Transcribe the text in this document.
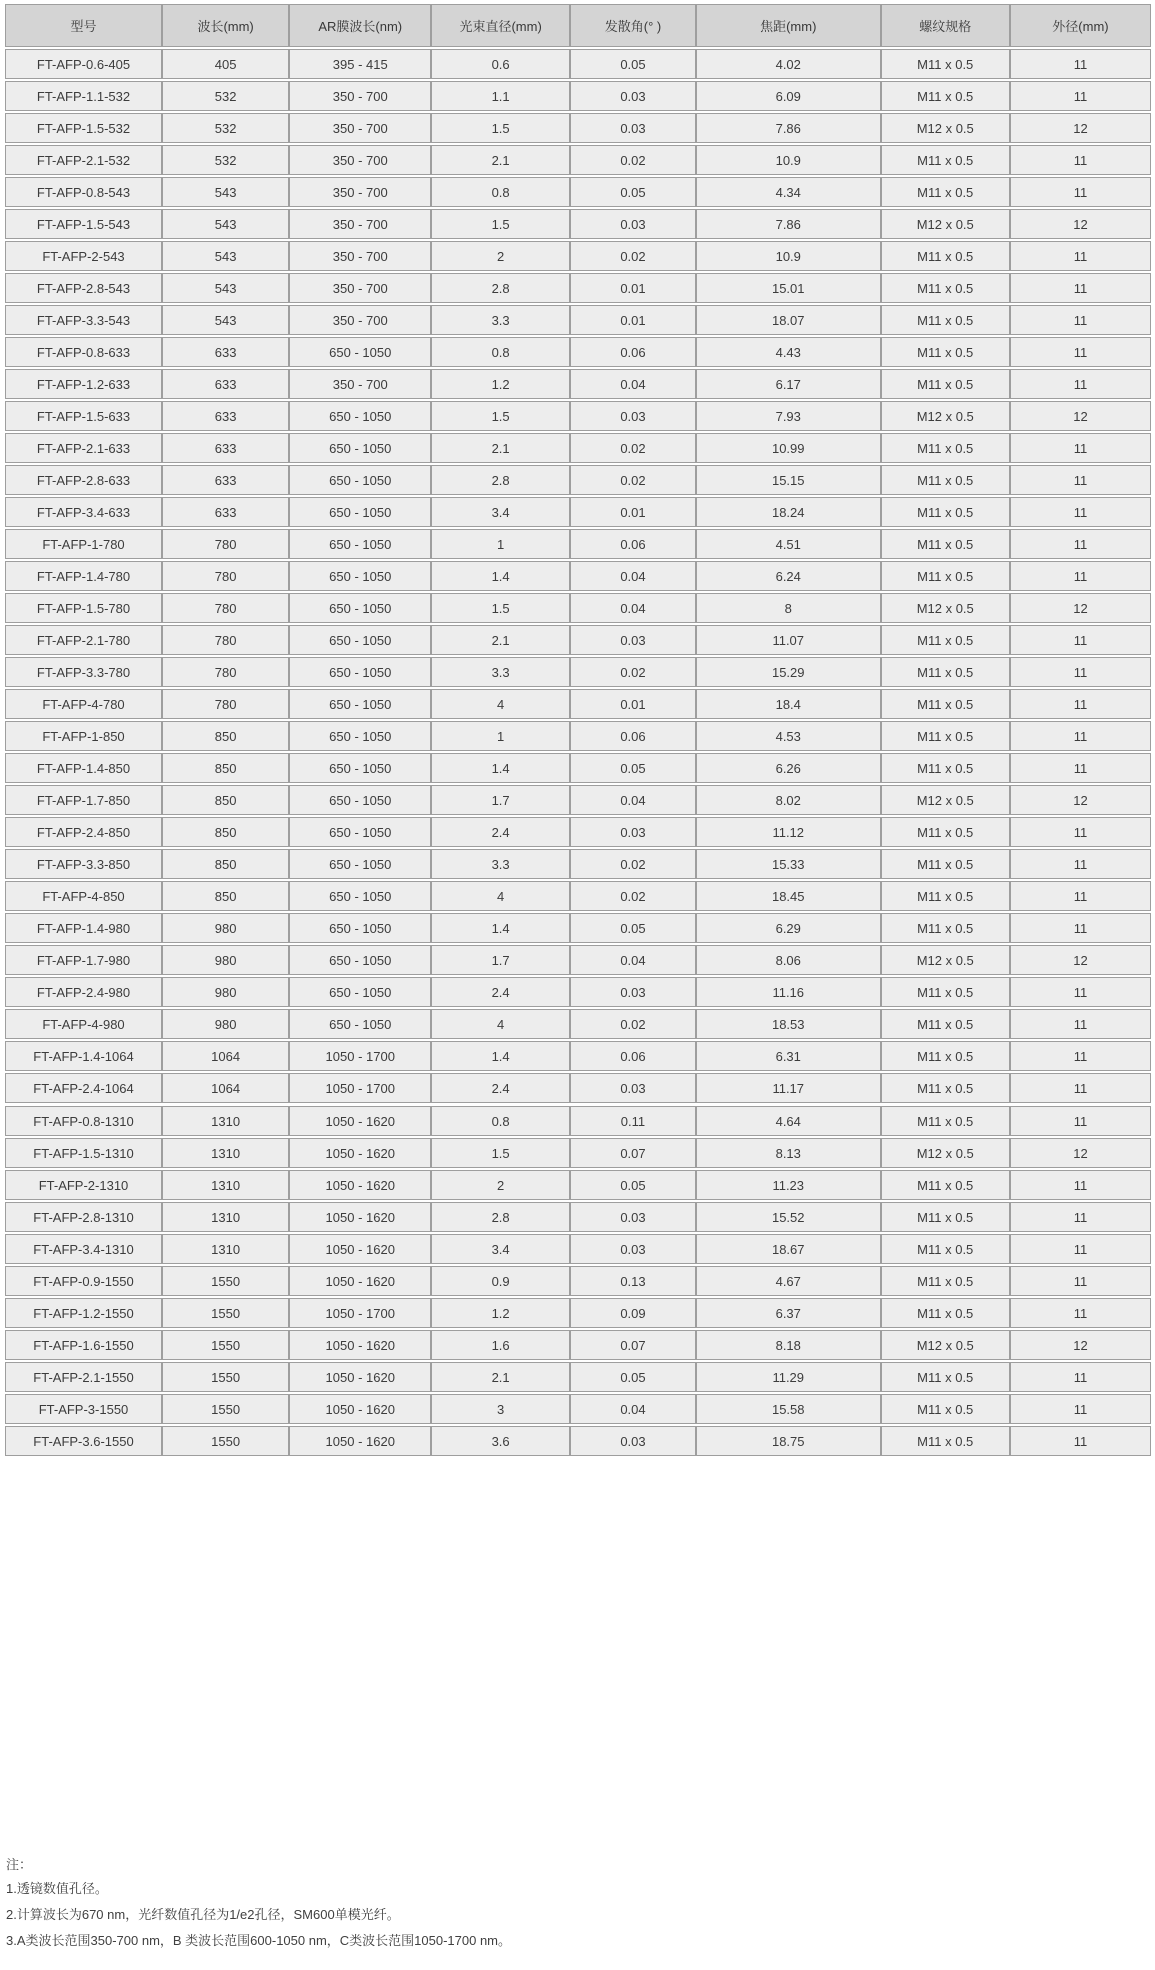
型号	波长(mm)	AR膜波长(nm)	光束直径(mm)	发散角(° )	焦距(mm)	螺纹规格	外径(mm)
FT-AFP-0.6-405	405	395 - 415	0.6	0.05	4.02	M11 x 0.5	11
FT-AFP-1.1-532	532	350 - 700	1.1	0.03	6.09	M11 x 0.5	11
FT-AFP-1.5-532	532	350 - 700	1.5	0.03	7.86	M12 x 0.5	12
FT-AFP-2.1-532	532	350 - 700	2.1	0.02	10.9	M11 x 0.5	11
FT-AFP-0.8-543	543	350 - 700	0.8	0.05	4.34	M11 x 0.5	11
FT-AFP-1.5-543	543	350 - 700	1.5	0.03	7.86	M12 x 0.5	12
FT-AFP-2-543	543	350 - 700	2	0.02	10.9	M11 x 0.5	11
FT-AFP-2.8-543	543	350 - 700	2.8	0.01	15.01	M11 x 0.5	11
FT-AFP-3.3-543	543	350 - 700	3.3	0.01	18.07	M11 x 0.5	11
FT-AFP-0.8-633	633	650 - 1050	0.8	0.06	4.43	M11 x 0.5	11
FT-AFP-1.2-633	633	350 - 700	1.2	0.04	6.17	M11 x 0.5	11
FT-AFP-1.5-633	633	650 - 1050	1.5	0.03	7.93	M12 x 0.5	12
FT-AFP-2.1-633	633	650 - 1050	2.1	0.02	10.99	M11 x 0.5	11
FT-AFP-2.8-633	633	650 - 1050	2.8	0.02	15.15	M11 x 0.5	11
FT-AFP-3.4-633	633	650 - 1050	3.4	0.01	18.24	M11 x 0.5	11
FT-AFP-1-780	780	650 - 1050	1	0.06	4.51	M11 x 0.5	11
FT-AFP-1.4-780	780	650 - 1050	1.4	0.04	6.24	M11 x 0.5	11
FT-AFP-1.5-780	780	650 - 1050	1.5	0.04	8	M12 x 0.5	12
FT-AFP-2.1-780	780	650 - 1050	2.1	0.03	11.07	M11 x 0.5	11
FT-AFP-3.3-780	780	650 - 1050	3.3	0.02	15.29	M11 x 0.5	11
FT-AFP-4-780	780	650 - 1050	4	0.01	18.4	M11 x 0.5	11
FT-AFP-1-850	850	650 - 1050	1	0.06	4.53	M11 x 0.5	11
FT-AFP-1.4-850	850	650 - 1050	1.4	0.05	6.26	M11 x 0.5	11
FT-AFP-1.7-850	850	650 - 1050	1.7	0.04	8.02	M12 x 0.5	12
FT-AFP-2.4-850	850	650 - 1050	2.4	0.03	11.12	M11 x 0.5	11
FT-AFP-3.3-850	850	650 - 1050	3.3	0.02	15.33	M11 x 0.5	11
FT-AFP-4-850	850	650 - 1050	4	0.02	18.45	M11 x 0.5	11
FT-AFP-1.4-980	980	650 - 1050	1.4	0.05	6.29	M11 x 0.5	11
FT-AFP-1.7-980	980	650 - 1050	1.7	0.04	8.06	M12 x 0.5	12
FT-AFP-2.4-980	980	650 - 1050	2.4	0.03	11.16	M11 x 0.5	11
FT-AFP-4-980	980	650 - 1050	4	0.02	18.53	M11 x 0.5	11
FT-AFP-1.4-1064	1064	1050 - 1700	1.4	0.06	6.31	M11 x 0.5	11
FT-AFP-2.4-1064	1064	1050 - 1700	2.4	0.03	11.17	M11 x 0.5	11
FT-AFP-0.8-1310	1310	1050 - 1620	0.8	0.11	4.64	M11 x 0.5	11
FT-AFP-1.5-1310	1310	1050 - 1620	1.5	0.07	8.13	M12 x 0.5	12
FT-AFP-2-1310	1310	1050 - 1620	2	0.05	11.23	M11 x 0.5	11
FT-AFP-2.8-1310	1310	1050 - 1620	2.8	0.03	15.52	M11 x 0.5	11
FT-AFP-3.4-1310	1310	1050 - 1620	3.4	0.03	18.67	M11 x 0.5	11
FT-AFP-0.9-1550	1550	1050 - 1620	0.9	0.13	4.67	M11 x 0.5	11
FT-AFP-1.2-1550	1550	1050 - 1700	1.2	0.09	6.37	M11 x 0.5	11
FT-AFP-1.6-1550	1550	1050 - 1620	1.6	0.07	8.18	M12 x 0.5	12
FT-AFP-2.1-1550	1550	1050 - 1620	2.1	0.05	11.29	M11 x 0.5	11
FT-AFP-3-1550	1550	1050 - 1620	3	0.04	15.58	M11 x 0.5	11
FT-AFP-3.6-1550	1550	1050 - 1620	3.6	0.03	18.75	M11 x 0.5	11
注：
1.透镜数值孔径。
2.计算波长为670 nm，光纤数值孔径为1/e2孔径，SM600单模光纤。
3.A类波长范围350-700 nm，B 类波长范围600-1050 nm，C类波长范围1050-1700 nm。
